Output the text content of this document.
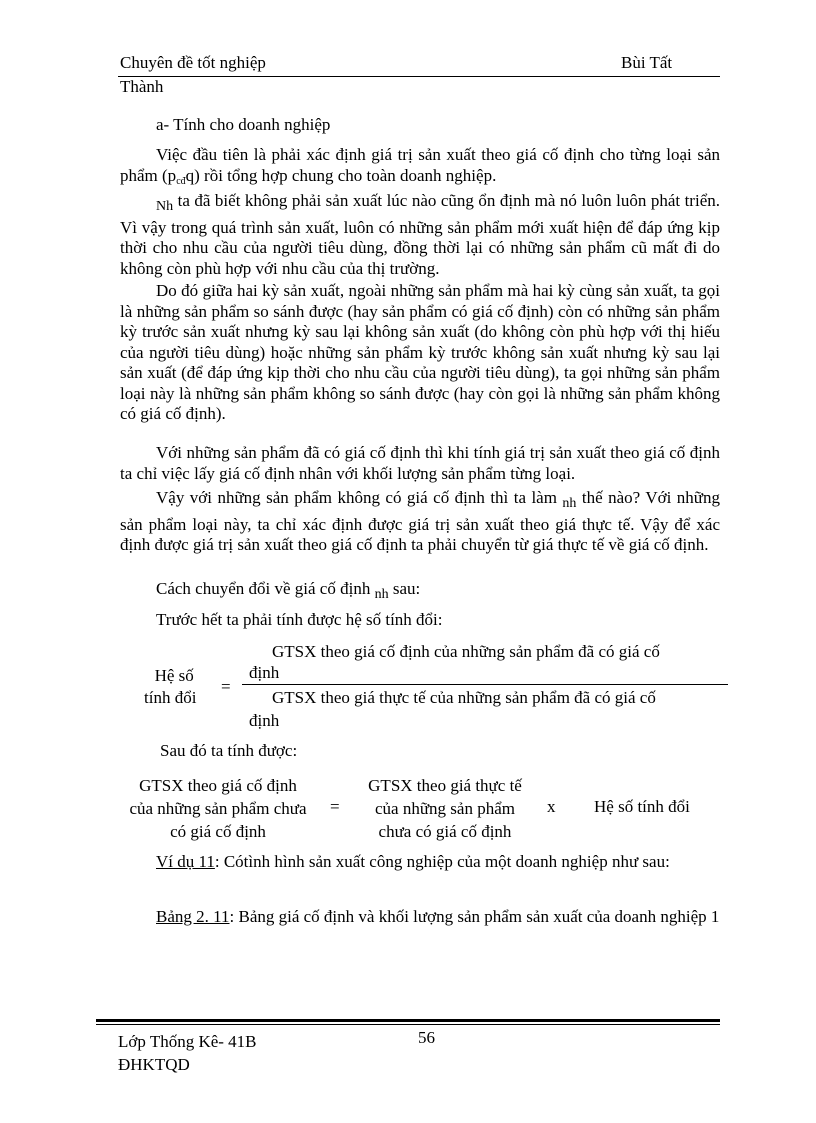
Chuyên đề tốt nghiệp	Bùi Tất
Thành
a- Tính cho doanh nghiệp

Việc đầu tiên là phải xác định giá trị sản xuất theo giá cố định cho từng loại sản phẩm $(p_{cđ}q)$ rồi tổng hợp chung cho toàn doanh nghiệp.

$_{Nh}$ ta đã biết không phải sản xuất lúc nào cũng ổn định mà nó luôn luôn phát triển. Vì vậy trong quá trình sản xuất, luôn có những sản phẩm mới xuất hiện để đáp ứng kịp thời cho nhu cầu của người tiêu dùng, đồng thời lại có những sản phẩm cũ mất đi do không còn phù hợp với nhu cầu của thị trường.

Do đó giữa hai kỳ sản xuất, ngoài những sản phẩm mà hai kỳ cùng sản xuất, ta gọi là những sản phẩm so sánh được (hay sản phẩm có giá cố định) còn có những sản phẩm kỳ trước sản xuất nhưng kỳ sau lại không sản xuất (do không còn phù hợp với thị hiếu của người tiêu dùng) hoặc những sản phẩm kỳ trước không sản xuất nhưng kỳ sau lại sản xuất (để đáp ứng kịp thời cho nhu cầu của người tiêu dùng), ta gọi những sản phẩm loại này là những sản phẩm không so sánh được (hay còn gọi là những sản phẩm không có giá cố định).

Với những sản phẩm đã có giá cố định thì khi tính giá trị sản xuất theo giá cố định ta chỉ việc lấy giá cố định nhân với khối lượng sản phẩm từng loại.

Vậy với những sản phẩm không có giá cố định thì ta làm $_{nh}$ thế nào? Với những sản phẩm loại này, ta chỉ xác định được giá trị sản xuất theo giá thực tế. Vậy để xác định được giá trị sản xuất theo giá cố định ta phải chuyển từ giá thực tế về giá cố định.

Cách chuyển đổi về giá cố định $_{nh}$ sau:
Trước hết ta phải tính được hệ số tính đổi:
Hệ số
tính đổi
=
GTSX theo giá cố định của những sản phẩm đã có giá cố
định
GTSX theo giá thực tế của những sản phẩm đã có giá cố
định
Sau đó ta tính được:
GTSX theo giá cố định
của những sản phẩm chưa
có giá cố định
=
GTSX theo giá thực tế
của những sản phẩm
chưa có giá cố định
x Hệ số tính đổi

Ví dụ 11: Cótình hình sản xuất công nghiệp của một doanh nghiệp như sau:

Bảng 2. 11: Bảng giá cố định và khối lượng sản phẩm sản xuất của doanh nghiệp 1

Lớp Thống Kê- 41B
ĐHKTQD
56
